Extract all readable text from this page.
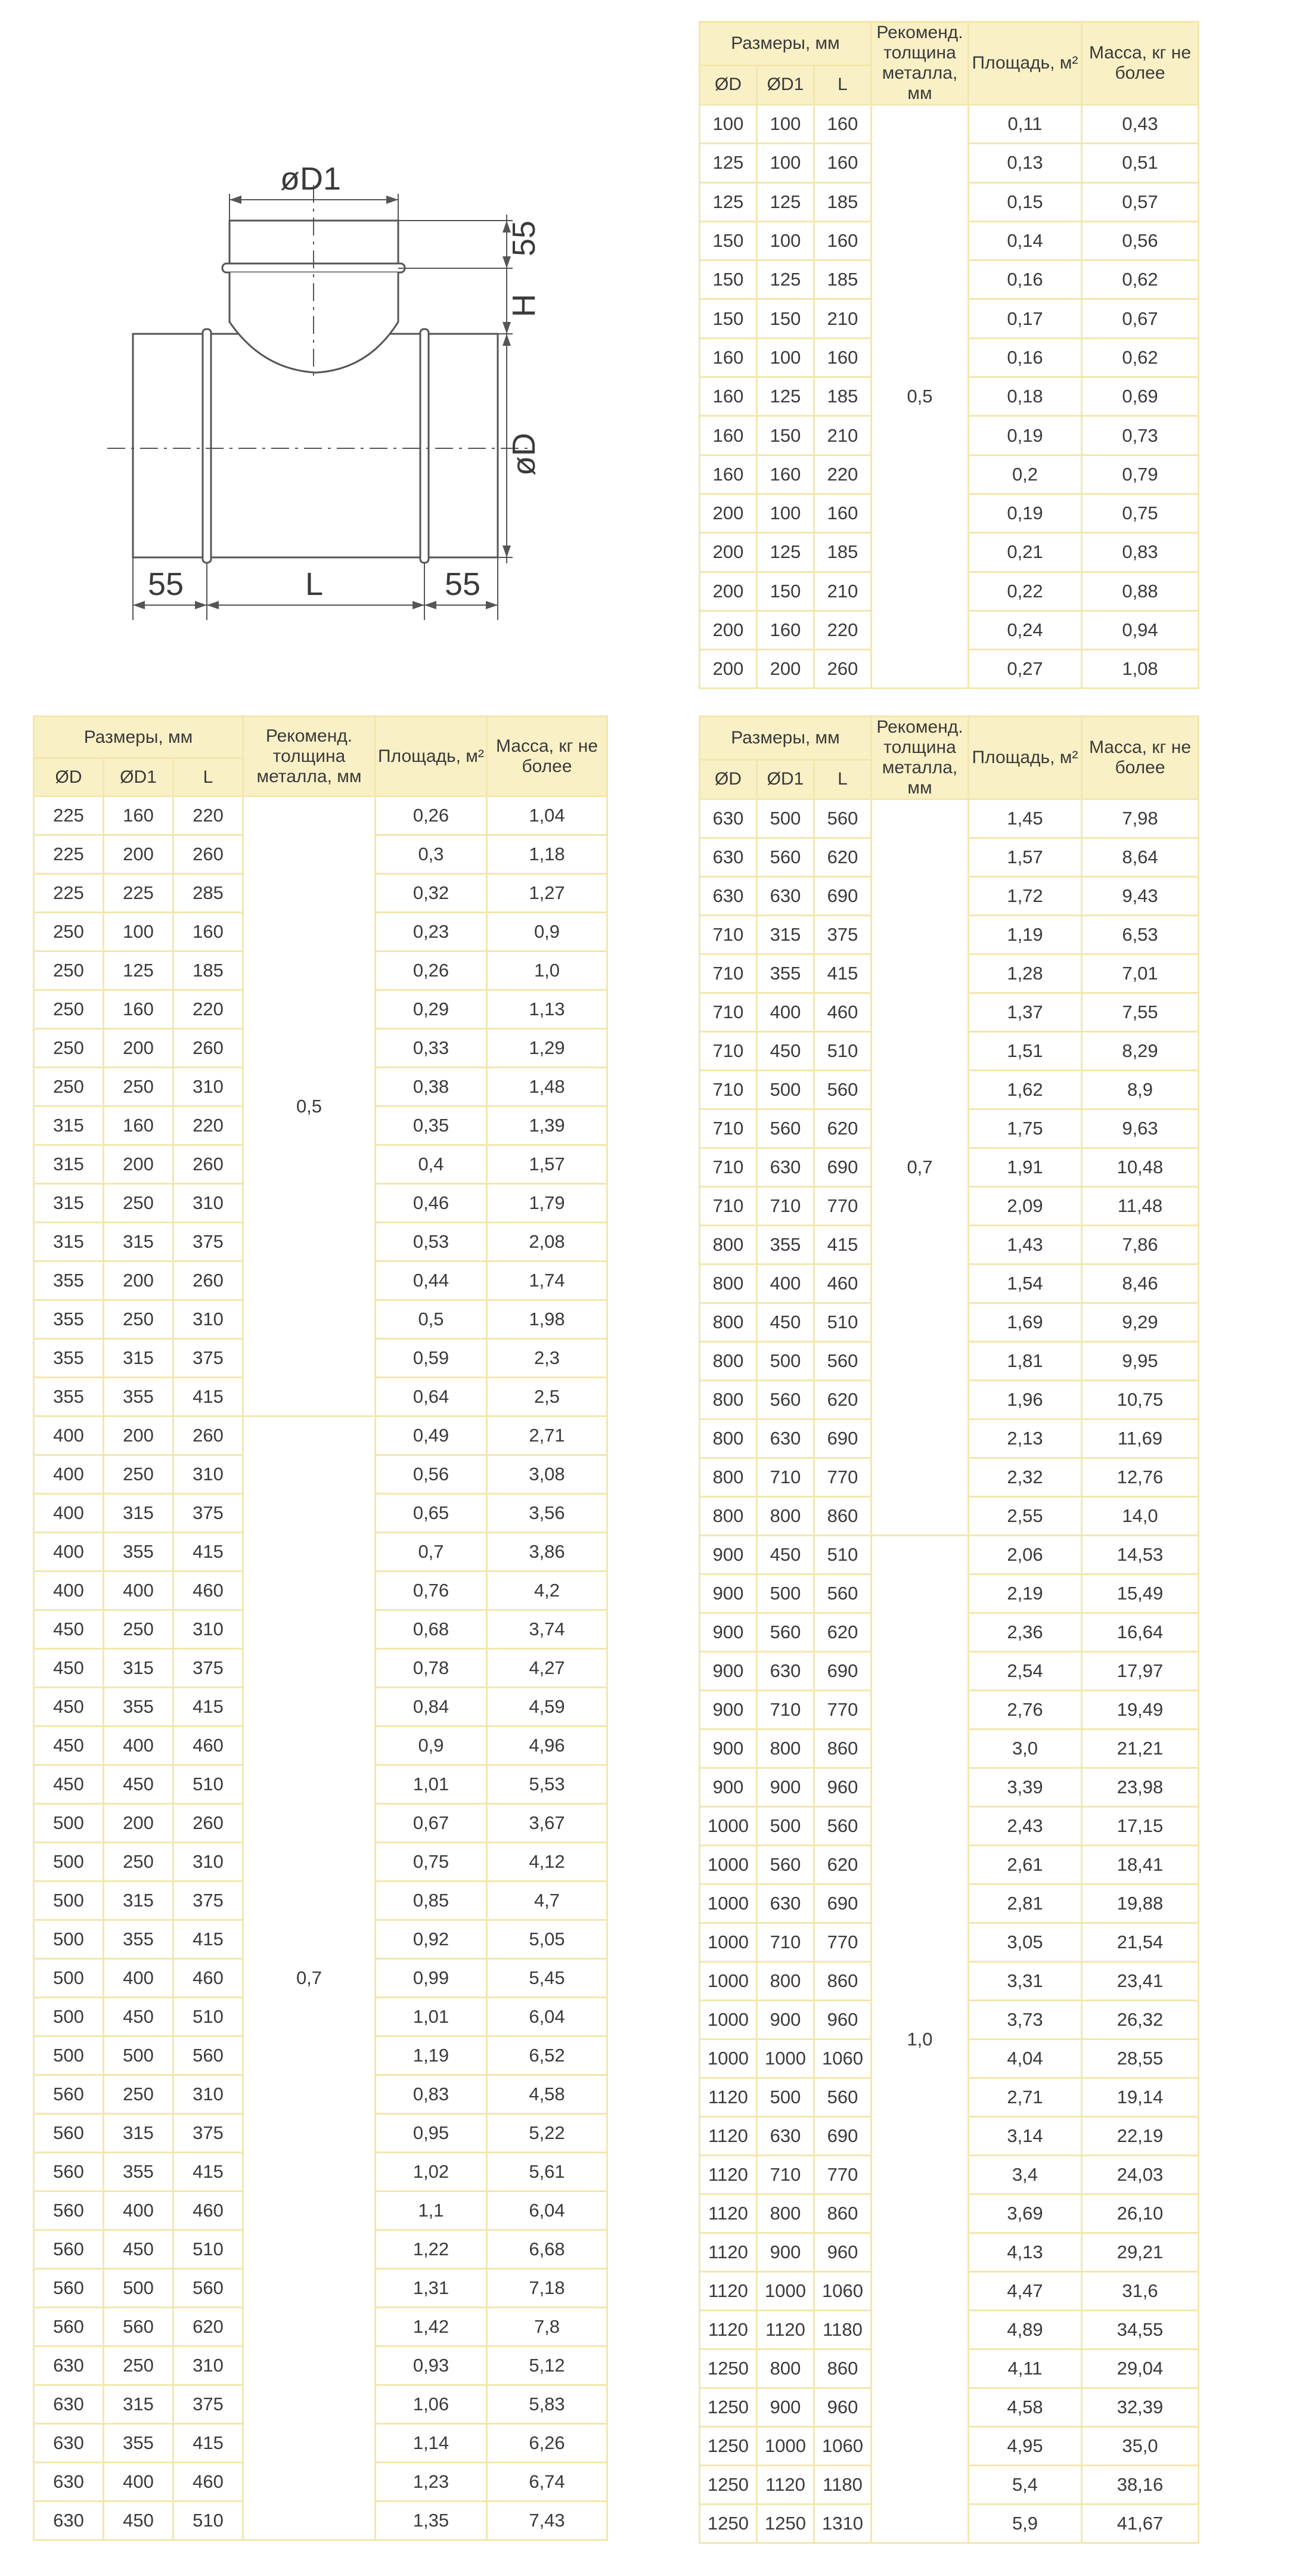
øD1
55
H
øD
55	L	55
Размеры, мм			Рекоменд. толщина металла, мм	Площадь, м²	Масса, кг не более
ØD	ØD1	L			
100	100	160	0,5	0,11	0,43
125	100	160		0,13	0,51
125	125	185		0,15	0,57
150	100	160		0,14	0,56
150	125	185		0,16	0,62
150	150	210		0,17	0,67
160	100	160		0,16	0,62
160	125	185		0,18	0,69
160	150	210		0,19	0,73
160	160	220		0,2	0,79
200	100	160		0,19	0,75
200	125	185		0,21	0,83
200	150	210		0,22	0,88
200	160	220		0,24	0,94
200	200	260		0,27	1,08
Размеры, мм			Рекоменд. толщина металла, мм	Площадь, м²	Масса, кг не более
ØD	ØD1	L			
225	160	220	0,5	0,26	1,04
225	200	260		0,3	1,18
225	225	285		0,32	1,27
250	100	160		0,23	0,9
250	125	185		0,26	1,0
250	160	220		0,29	1,13
250	200	260		0,33	1,29
250	250	310		0,38	1,48
315	160	220		0,35	1,39
315	200	260		0,4	1,57
315	250	310		0,46	1,79
315	315	375		0,53	2,08
355	200	260		0,44	1,74
355	250	310		0,5	1,98
355	315	375		0,59	2,3
355	355	415		0,64	2,5
400	200	260	0,7	0,49	2,71
400	250	310		0,56	3,08
400	315	375		0,65	3,56
400	355	415		0,7	3,86
400	400	460		0,76	4,2
450	250	310		0,68	3,74
450	315	375		0,78	4,27
450	355	415		0,84	4,59
450	400	460		0,9	4,96
450	450	510		1,01	5,53
500	200	260		0,67	3,67
500	250	310		0,75	4,12
500	315	375		0,85	4,7
500	355	415		0,92	5,05
500	400	460		0,99	5,45
500	450	510		1,01	6,04
500	500	560		1,19	6,52
560	250	310		0,83	4,58
560	315	375		0,95	5,22
560	355	415		1,02	5,61
560	400	460		1,1	6,04
560	450	510		1,22	6,68
560	500	560		1,31	7,18
560	560	620		1,42	7,8
630	250	310		0,93	5,12
630	315	375		1,06	5,83
630	355	415		1,14	6,26
630	400	460		1,23	6,74
630	450	510		1,35	7,43
Размеры, мм			Рекоменд. толщина металла, мм	Площадь, м²	Масса, кг не более
ØD	ØD1	L			
630	500	560	0,7	1,45	7,98
630	560	620		1,57	8,64
630	630	690		1,72	9,43
710	315	375		1,19	6,53
710	355	415		1,28	7,01
710	400	460		1,37	7,55
710	450	510		1,51	8,29
710	500	560		1,62	8,9
710	560	620		1,75	9,63
710	630	690		1,91	10,48
710	710	770		2,09	11,48
800	355	415		1,43	7,86
800	400	460		1,54	8,46
800	450	510		1,69	9,29
800	500	560		1,81	9,95
800	560	620		1,96	10,75
800	630	690		2,13	11,69
800	710	770		2,32	12,76
800	800	860		2,55	14,0
900	450	510	1,0	2,06	14,53
900	500	560		2,19	15,49
900	560	620		2,36	16,64
900	630	690		2,54	17,97
900	710	770		2,76	19,49
900	800	860		3,0	21,21
900	900	960		3,39	23,98
1000	500	560		2,43	17,15
1000	560	620		2,61	18,41
1000	630	690		2,81	19,88
1000	710	770		3,05	21,54
1000	800	860		3,31	23,41
1000	900	960		3,73	26,32
1000	1000	1060		4,04	28,55
1120	500	560		2,71	19,14
1120	630	690		3,14	22,19
1120	710	770		3,4	24,03
1120	800	860		3,69	26,10
1120	900	960		4,13	29,21
1120	1000	1060		4,47	31,6
1120	1120	1180		4,89	34,55
1250	800	860		4,11	29,04
1250	900	960		4,58	32,39
1250	1000	1060		4,95	35,0
1250	1120	1180		5,4	38,16
1250	1250	1310		5,9	41,67
